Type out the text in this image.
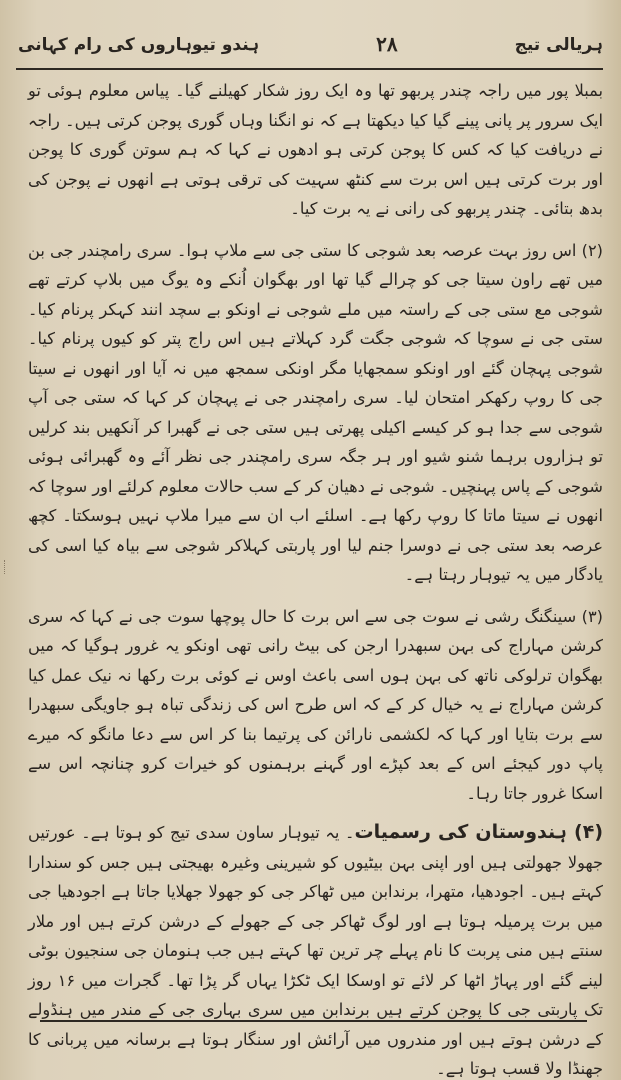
ہریالی تیج
۲۸
ہندو تیوہاروں کی رام کہانی

بمبلا پور میں راجہ چندر پربھو تھا وہ ایک روز شکار کھیلنے گیا۔ پیاس معلوم ہوئی تو ایک سرور پر پانی پینے گیا کیا دیکھتا ہے کہ نو انگنا وہاں گوری پوجن کرتی ہیں۔ راجہ نے دریافت کیا کہ کس کا پوجن کرتی ہو ادھوں نے کہا کہ ہم سوتن گوری کا پوجن اور برت کرتی ہیں اس برت سے کنٹھ سہیت کی ترقی ہوتی ہے انھوں نے پوجن کی بدھ بتائی۔ چندر پربھو کی رانی نے یہ برت کیا۔

(۲) اس روز بہت عرصہ بعد شوجی کا ستی جی سے ملاپ ہوا۔ سری رامچندر جی بن میں تھے راون سیتا جی کو چرالے گیا تھا اور بھگوان اُنکے وہ یوگ میں بلاپ کرتے تھے شوجی مع ستی جی کے راستہ میں ملے شوجی نے اونکو بے سچد انند کہکر پرنام کیا۔ ستی جی نے سوچا کہ شوجی جگت گرد کہلاتے ہیں اس راج پتر کو کیوں پرنام کیا۔ شوجی پہچان گئے اور اونکو سمجھایا مگر اونکی سمجھ میں نہ آیا اور انھوں نے سیتا جی کا روپ رکھکر امتحان لیا۔ سری رامچندر جی نے پہچان کر کہا کہ ستی جی آپ شوجی سے جدا ہو کر کیسے اکیلی پھرتی ہیں ستی جی نے گھبرا کر آنکھیں بند کرلیں تو ہزاروں برہما شنو شیو اور ہر جگہ سری رامچندر جی نظر آئے وہ گھبرائی ہوئی شوجی کے پاس پہنچیں۔ شوجی نے دھیان کر کے سب حالات معلوم کرلئے اور سوچا کہ انھوں نے سیتا ماتا کا روپ رکھا ہے۔ اسلئے اب ان سے میرا ملاپ نہیں ہوسکتا۔ کچھ عرصہ بعد ستی جی نے دوسرا جنم لیا اور پاربتی کہلاکر شوجی سے بیاہ کیا اسی کی یادگار میں یہ تیوہار رہتا ہے۔

(۳) سینگنگ رشی نے سوت جی سے اس برت کا حال پوچھا سوت جی نے کہا کہ سری کرشن مہاراج کی بہن سبھدرا ارجن کی بیٹ رانی تھی اونکو یہ غرور ہوگیا کہ میں بھگوان ترلوکی ناتھ کی بہن ہوں اسی باعث اوس نے کوئی برت رکھا نہ نیک عمل کیا کرشن مہاراج نے یہ خیال کر کے کہ اس طرح اس کی زندگی تباہ ہو جاویگی سبھدرا سے برت بتایا اور کہا کہ لکشمی نارائن کی پرتیما بنا کر اس سے دعا مانگو کہ میرے پاپ دور کیجئے اس کے بعد کپڑے اور گہنے برہمنوں کو خیرات کرو چنانچہ اس سے اسکا غرور جاتا رہا۔

(۴) ہندوستان کی رسمیات۔ یہ تیوہار ساون سدی تیج کو ہوتا ہے۔ عورتیں جھولا جھولتی ہیں اور اپنی بہن بیٹیوں کو شیرینی وغیرہ بھیجتی ہیں جس کو سندارا کہتے ہیں۔ اجودھیا، متھرا، برندابن میں ٹھاکر جی کو جھولا جھلایا جاتا ہے اجودھیا جی میں برت پرمیلہ ہوتا ہے اور لوگ ٹھاکر جی کے جھولے کے درشن کرتے ہیں اور ملار سنتے ہیں منی پربت کا نام پہلے چر ترین تھا کہتے ہیں جب ہنومان جی سنجیون بوٹی لینے گئے اور پہاڑ اٹھا کر لائے تو اوسکا ایک ٹکڑا یہاں گر پڑا تھا۔ گجرات میں ۱۶ روز تک پاربتی جی کا پوجن کرتے ہیں برندابن میں سری بہاری جی کے مندر میں ہنڈولے کے درشن ہوتے ہیں اور مندروں میں آرائش اور سنگار ہوتا ہے برسانہ میں پربانی کا جھنڈا ولا قسب ہوتا ہے۔
